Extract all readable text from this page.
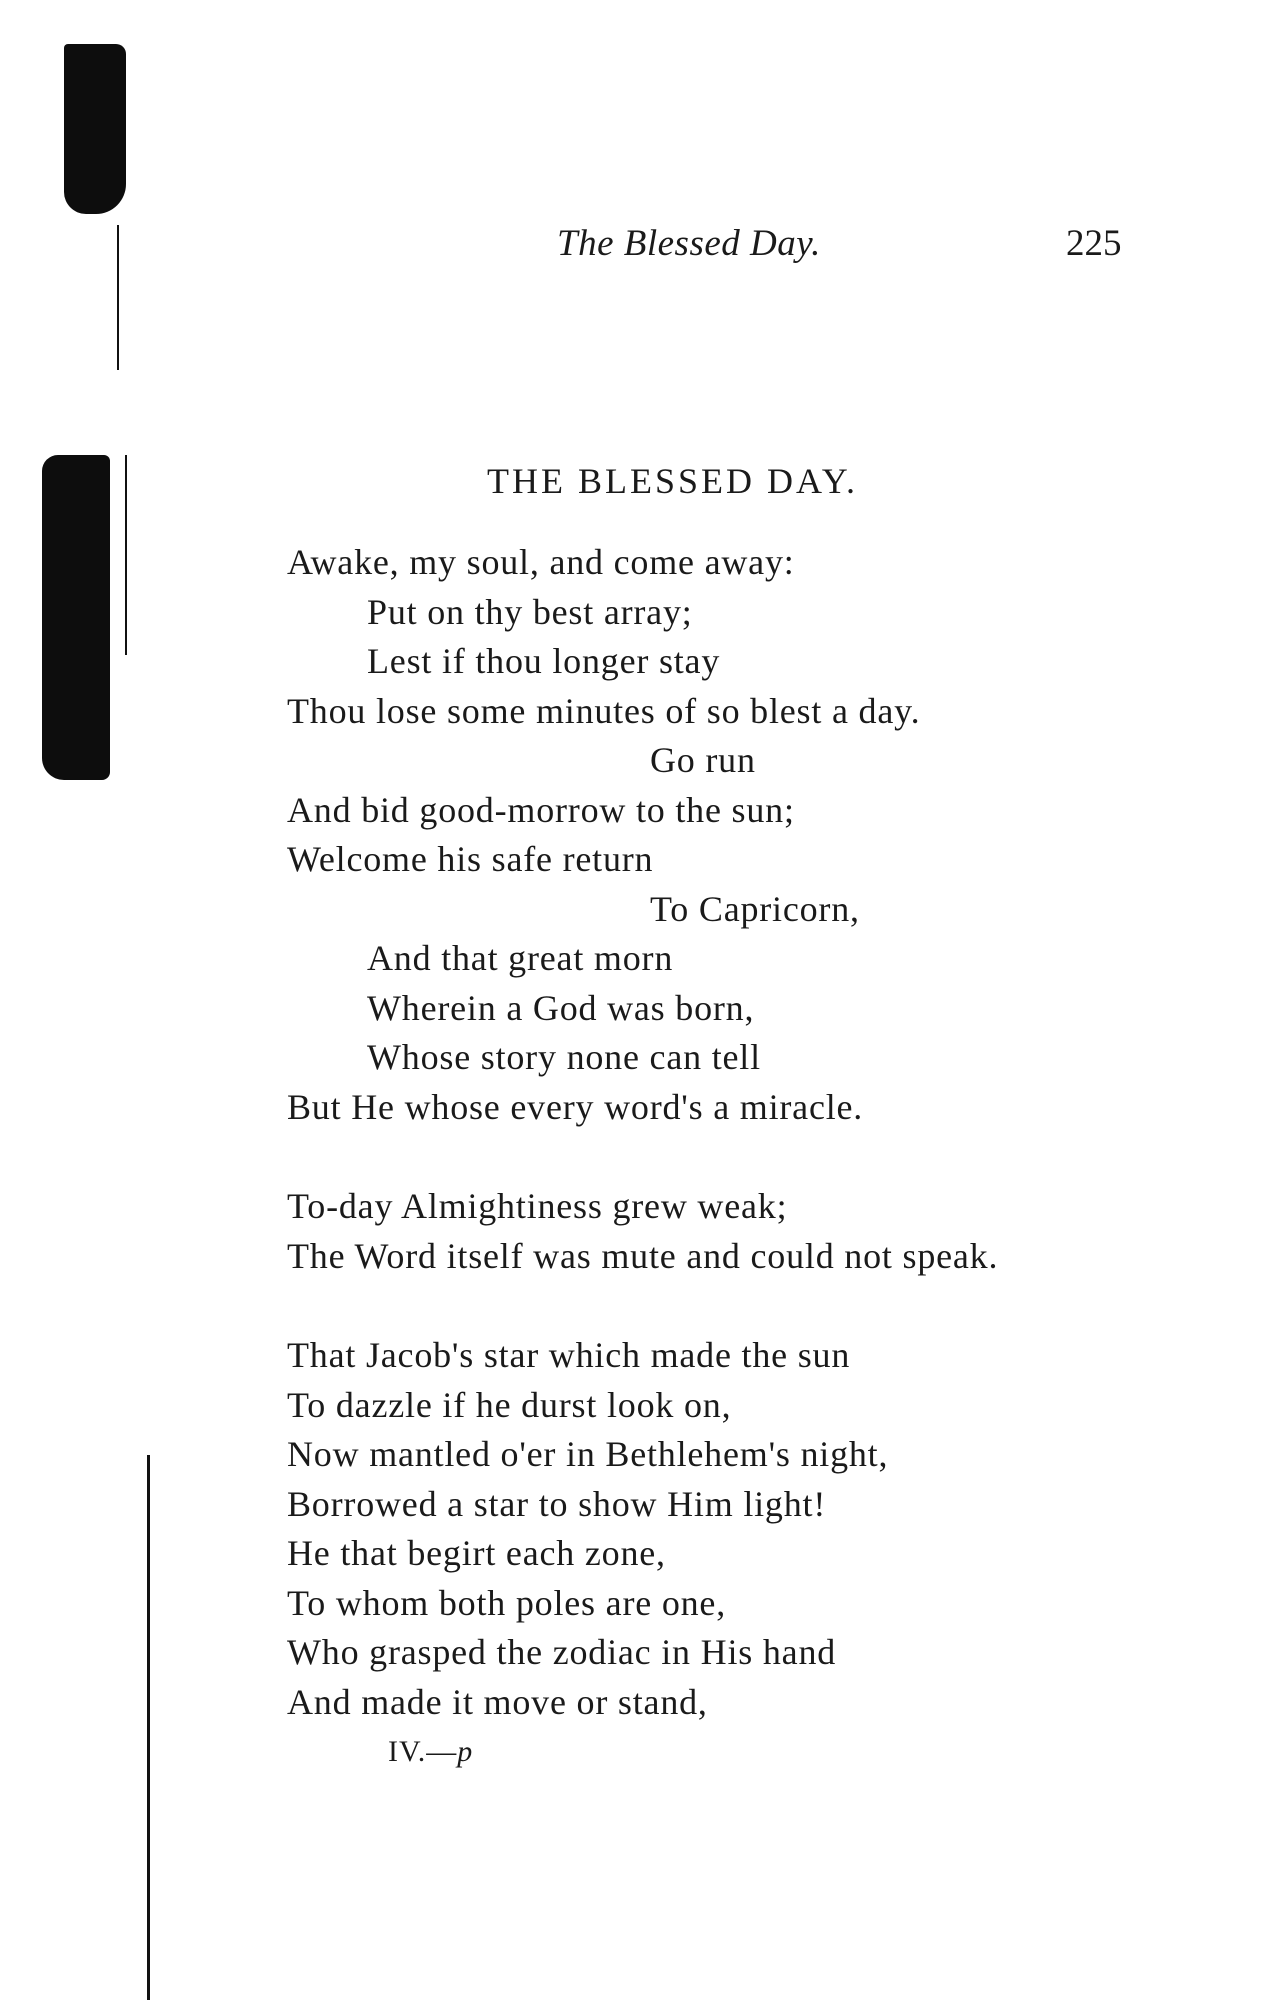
The Blessed Day.	225
THE BLESSED DAY.
Awake, my soul, and come away:
Put on thy best array;
Lest if thou longer stay
Thou lose some minutes of so blest a day.
Go run
And bid good-morrow to the sun;
Welcome his safe return
To Capricorn,
And that great morn
Wherein a God was born,
Whose story none can tell
But He whose every word's a miracle.
To-day Almightiness grew weak;
The Word itself was mute and could not speak.
That Jacob's star which made the sun
To dazzle if he durst look on,
Now mantled o'er in Bethlehem's night,
Borrowed a star to show Him light!
He that begirt each zone,
To whom both poles are one,
Who grasped the zodiac in His hand
And made it move or stand,
IV.—p
